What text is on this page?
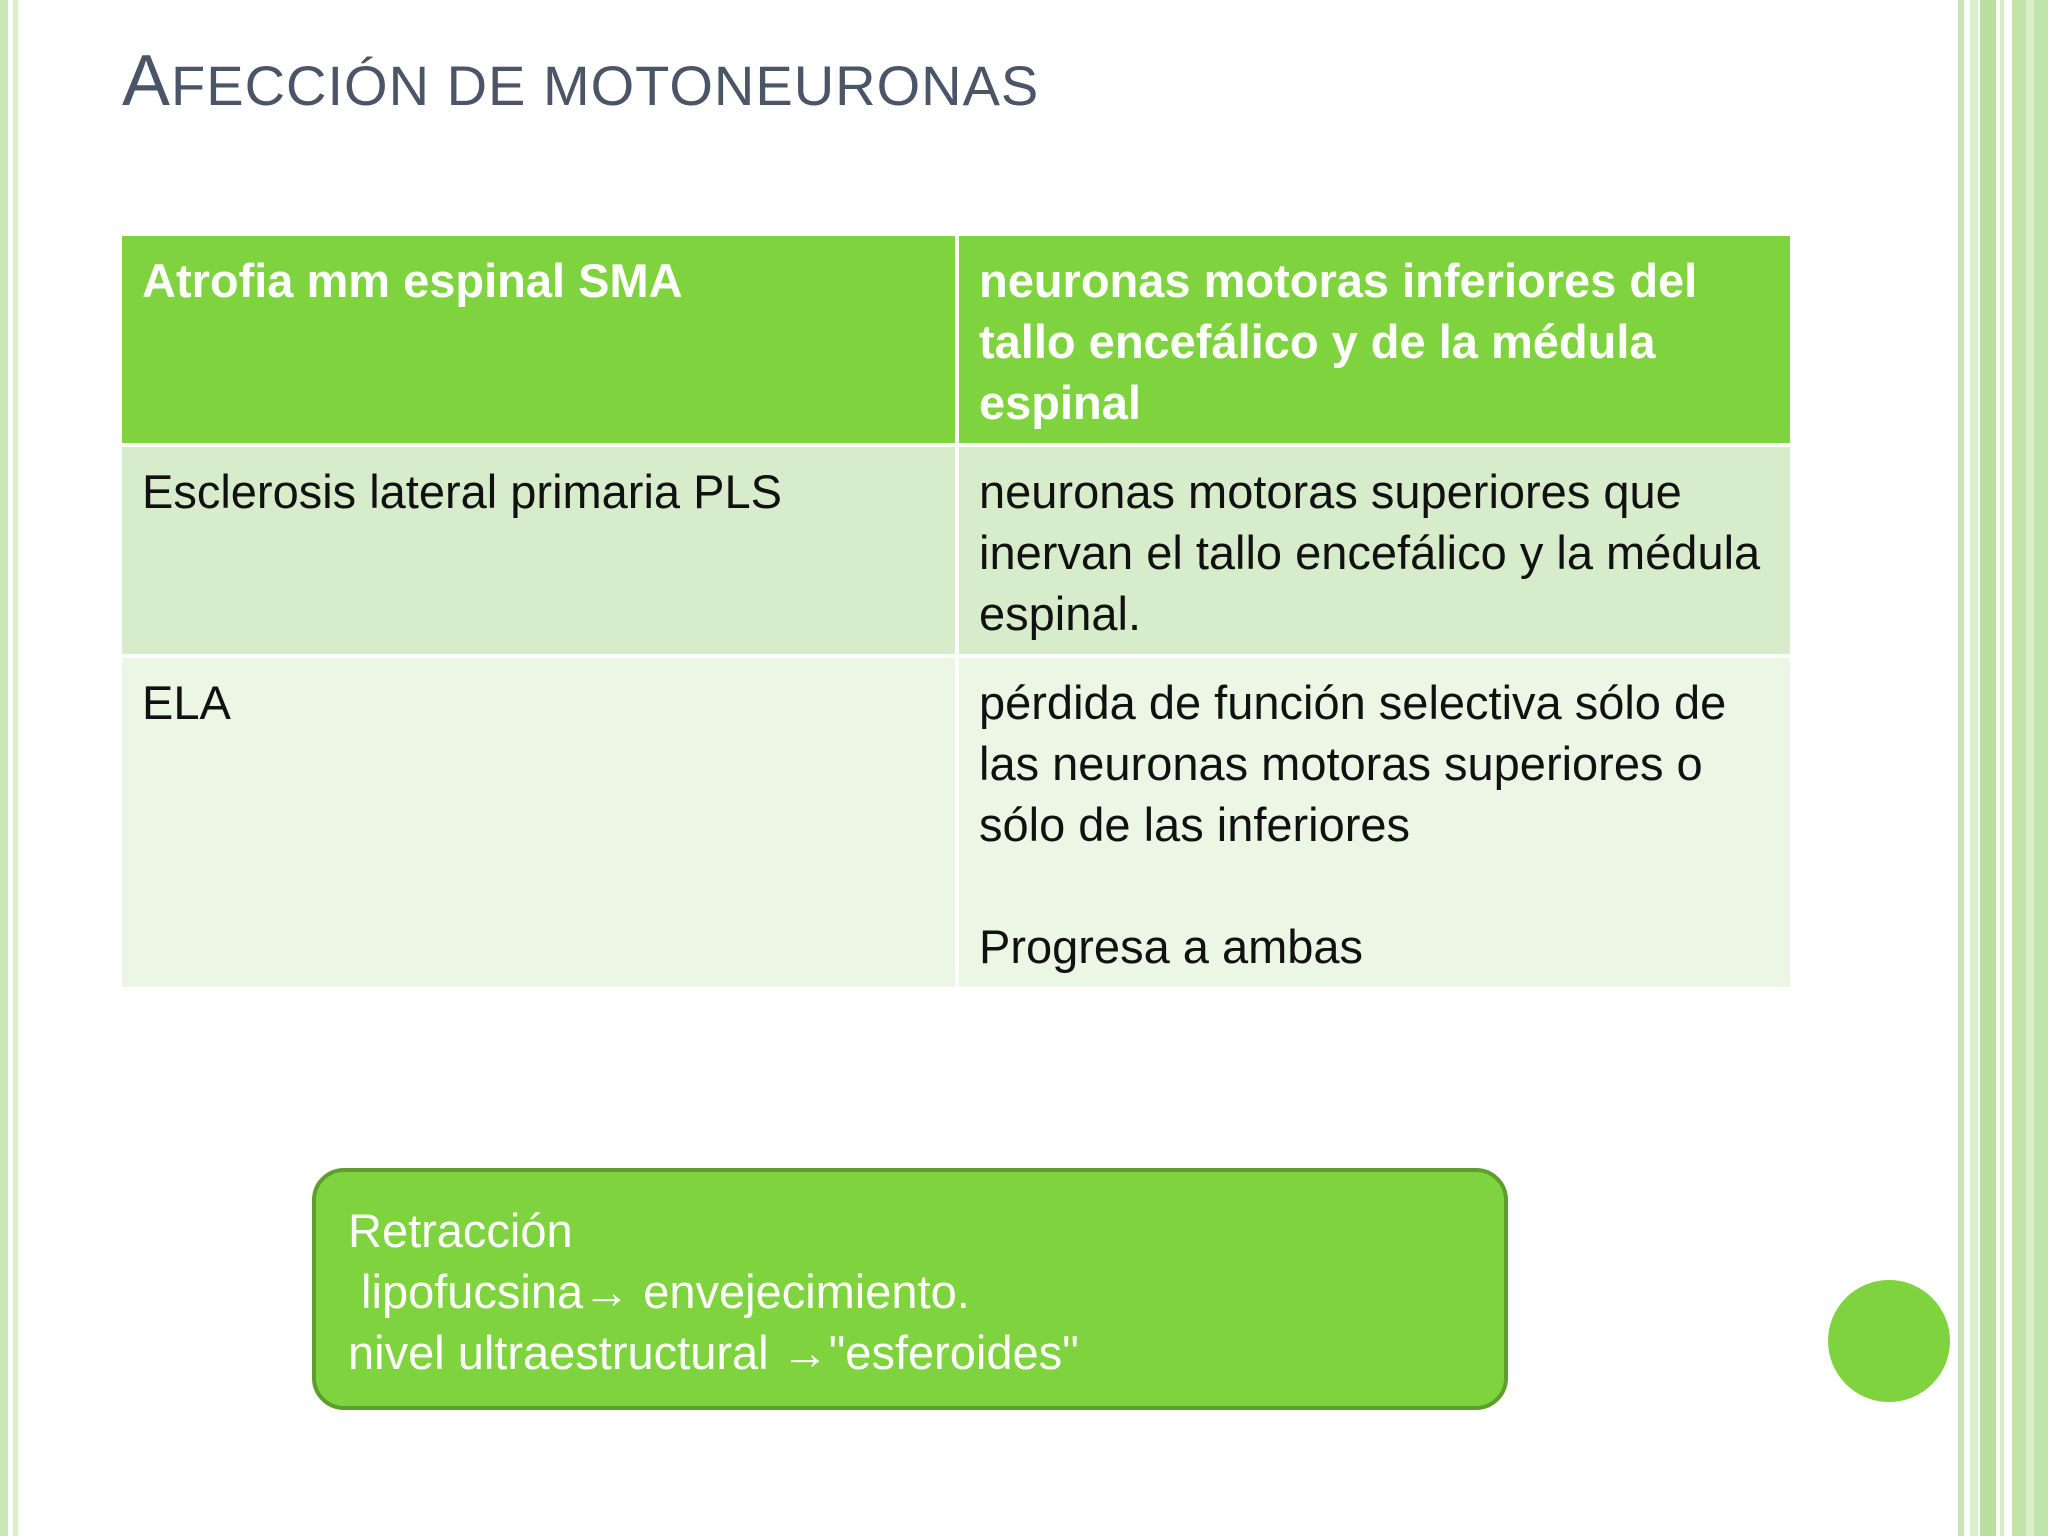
AFECCIÓN DE MOTONEURONAS
Atrofia mm espinal SMA	neuronas motoras inferiores del tallo encefálico y de la médula espinal
Esclerosis lateral primaria PLS	neuronas motoras superiores que inervan el tallo encefálico y la médula espinal.
ELA	pérdida de función selectiva sólo de las neuronas motoras superiores o sólo de las inferiores
Progresa a ambas
Retracción
lipofucsina→ envejecimiento.
nivel ultraestructural →"esferoides"
